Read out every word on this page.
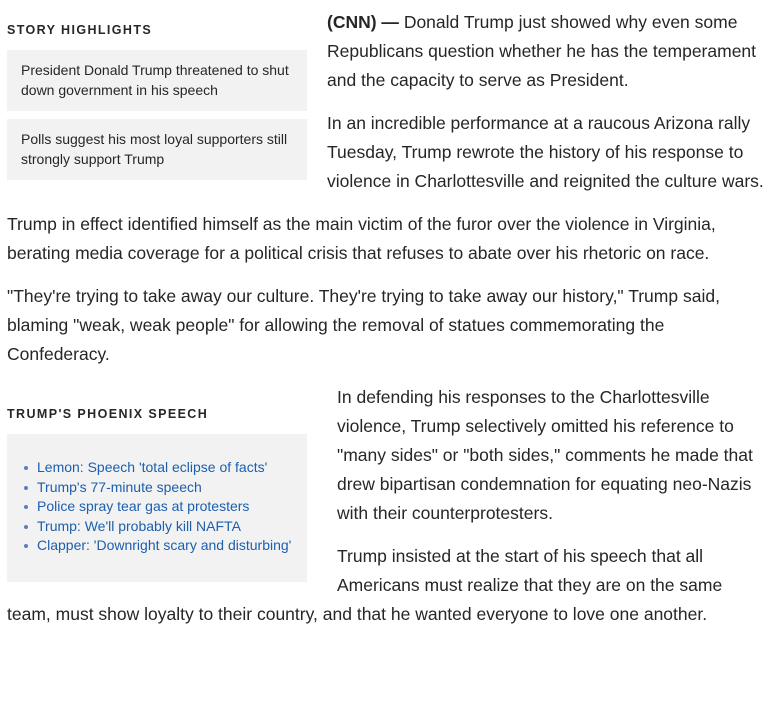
STORY HIGHLIGHTS
President Donald Trump threatened to shut down government in his speech
Polls suggest his most loyal supporters still strongly support Trump

(CNN) — Donald Trump just showed why even some Republicans question whether he has the temperament and the capacity to serve as President.

In an incredible performance at a raucous Arizona rally Tuesday, Trump rewrote the history of his response to violence in Charlottesville and reignited the culture wars.

Trump in effect identified himself as the main victim of the furor over the violence in Virginia, berating media coverage for a political crisis that refuses to abate over his rhetoric on race.

"They're trying to take away our culture. They're trying to take away our history," Trump said, blaming "weak, weak people" for allowing the removal of statues commemorating the Confederacy.

TRUMP'S PHOENIX SPEECH
Lemon: Speech 'total eclipse of facts'
Trump's 77-minute speech
Police spray tear gas at protesters
Trump: We'll probably kill NAFTA
Clapper: 'Downright scary and disturbing'

In defending his responses to the Charlottesville violence, Trump selectively omitted his reference to "many sides" or "both sides," comments he made that drew bipartisan condemnation for equating neo-Nazis with their counterprotesters.

Trump insisted at the start of his speech that all Americans must realize that they are on the same team, must show loyalty to their country, and that he wanted everyone to love one another.
